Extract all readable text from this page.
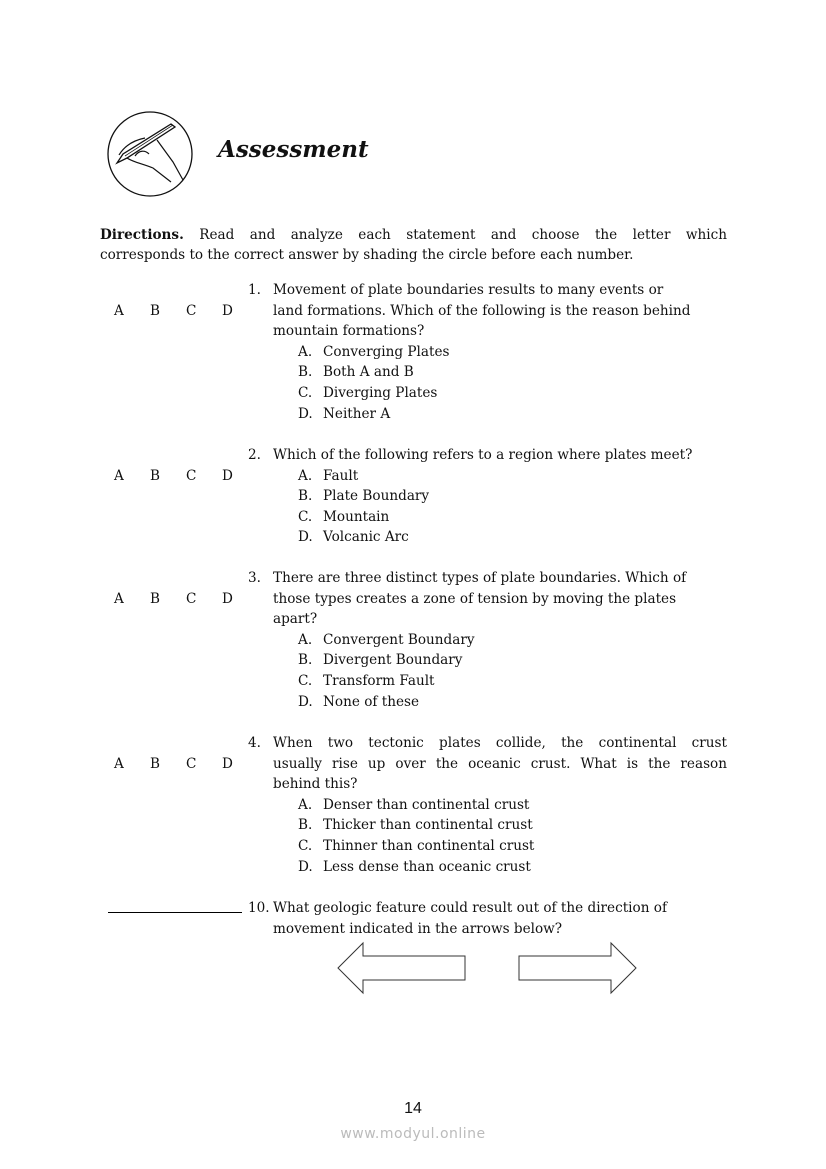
Assessment
Directions. Read and analyze each statement and choose the letter which
corresponds to the correct answer by shading the circle before each number.
1.
A B C D
Movement of plate boundaries results to many events or
land formations. Which of the following is the reason behind
mountain formations?
A. Converging Plates
B. Both A and B
C. Diverging Plates
D. Neither A
2.
A B C D
Which of the following refers to a region where plates meet?
A. Fault
B. Plate Boundary
C. Mountain
D. Volcanic Arc
3.
A B C D
There are three distinct types of plate boundaries. Which of
those types creates a zone of tension by moving the plates
apart?
A. Convergent Boundary
B. Divergent Boundary
C. Transform Fault
D. None of these
4.
A B C D
When two tectonic plates collide, the continental crust
usually rise up over the oceanic crust. What is the reason
behind this?
A. Denser than continental crust
B. Thicker than continental crust
C. Thinner than continental crust
D. Less dense than oceanic crust
10. What geologic feature could result out of the direction of
movement indicated in the arrows below?
14
www.modyul.online
